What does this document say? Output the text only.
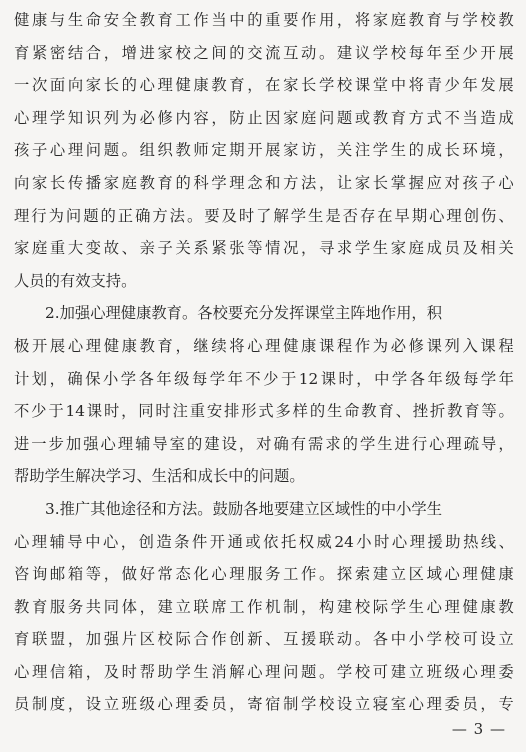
健 康 与 生 命 安 全 教 育 工 作 当 中 的 重 要 作 用 ， 将 家 庭 教 育 与 学 校 教
育 紧 密 结 合 ， 增 进 家 校 之 间 的 交 流 互 动 。 建 议 学 校 每 年 至 少 开 展
一 次 面 向 家 长 的 心 理 健 康 教 育 ， 在 家 长 学 校 课 堂 中 将 青 少 年 发 展
心 理 学 知 识 列 为 必 修 内 容 ， 防 止 因 家 庭 问 题 或 教 育 方 式 不 当 造 成
孩 子 心 理 问 题 。 组 织 教 师 定 期 开 展 家 访 ， 关 注 学 生 的 成 长 环 境 ，
向 家 长 传 播 家 庭 教 育 的 科 学 理 念 和 方 法 ， 让 家 长 掌 握 应 对 孩 子 心
理 行 为 问 题 的 正 确 方 法 。 要 及 时 了 解 学 生 是 否 存 在 早 期 心 理 创 伤 、
家 庭 重 大 变 故 、 亲 子 关 系 紧 张 等 情 况 ， 寻 求 学 生 家 庭 成 员 及 相 关
人员的有效支持。
2.加强心理健康教育。各校要充分发挥课堂主阵地作用，积
极 开 展 心 理 健 康 教 育 ， 继 续 将 心 理 健 康 课 程 作 为 必 修 课 列 入 课 程
计 划 ， 确 保 小 学 各 年 级 每 学 年 不 少 于 12 课 时 ， 中 学 各 年 级 每 学 年
不 少 于 14 课 时 ， 同 时 注 重 安 排 形 式 多 样 的 生 命 教 育 、 挫 折 教 育 等 。
进 一 步 加 强 心 理 辅 导 室 的 建 设 ， 对 确 有 需 求 的 学 生 进 行 心 理 疏 导 ，
帮助学生解决学习、生活和成长中的问题。
3.推广其他途径和方法。鼓励各地要建立区域性的中小学生
心 理 辅 导 中 心 ， 创 造 条 件 开 通 或 依 托 权 威 24 小 时 心 理 援 助 热 线 、
咨 询 邮 箱 等 ， 做 好 常 态 化 心 理 服 务 工 作 。 探 索 建 立 区 域 心 理 健 康
教 育 服 务 共 同 体 ， 建 立 联 席 工 作 机 制 ， 构 建 校 际 学 生 心 理 健 康 教
育 联 盟 ， 加 强 片 区 校 际 合 作 创 新 、 互 援 联 动 。 各 中 小 学 校 可 设 立
心 理 信 箱 ， 及 时 帮 助 学 生 消 解 心 理 问 题 。 学 校 可 建 立 班 级 心 理 委
员 制 度 ， 设 立 班 级 心 理 委 员 ， 寄 宿 制 学 校 设 立 寝 室 心 理 委 员 ， 专
— 3 —
